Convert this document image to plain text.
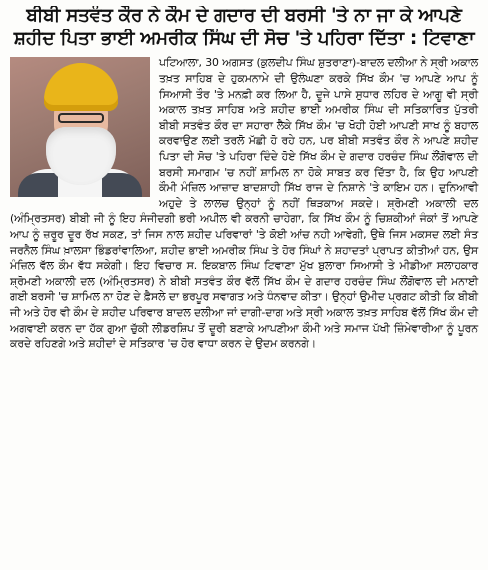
ਬੀਬੀ ਸਤਵੰਤ ਕੌਰ ਨੇ ਕੌਮ ਦੇ ਗਦਾਰ ਦੀ ਬਰਸੀ 'ਤੇ ਨਾ ਜਾ ਕੇ ਆਪਣੇ
ਸ਼ਹੀਦ ਪਿਤਾ ਭਾਈ ਅਮਰੀਕ ਸਿੰਘ ਦੀ ਸੋਚ 'ਤੇ ਪਹਿਰਾ ਦਿੱਤਾ : ਟਿਵਾਣਾ

ਪਟਿਆਲਾ, 30 ਅਗਸਤ (ਕੁਲਦੀਪ ਸਿੰਘ ਸ਼ੁਤਰਾਣਾ)-ਬਾਦਲ ਦਲੀਆ ਨੇ ਸ੍ਰੀ ਅਕਾਲ ਤਖ਼ਤ ਸਾਹਿਬ ਦੇ ਹੁਕਮਨਾਮੇ ਦੀ ਉਲੰਘਣਾ ਕਰਕੇ ਸਿੱਖ ਕੌਮ 'ਚ ਆਪਣੇ ਆਪ ਨੂੰ ਸਿਆਸੀ ਤੌਰ 'ਤੇ ਮਨਫ਼ੀ ਕਰ ਲਿਆ ਹੈ, ਦੂਜੇ ਪਾਸੇ ਸੁਧਾਰ ਲਹਿਰ ਦੇ ਆਗੂ ਵੀ ਸ੍ਰੀ ਅਕਾਲ ਤਖ਼ਤ ਸਾਹਿਬ ਅਤੇ ਸ਼ਹੀਦ ਭਾਈ ਅਮਰੀਕ ਸਿੰਘ ਦੀ ਸਤਿਕਾਰਿਤ ਪੁੱਤਰੀ ਬੀਬੀ ਸਤਵੰਤ ਕੌਰ ਦਾ ਸਹਾਰਾ ਲੈਕੇ ਸਿੱਖ ਕੌਮ 'ਚ ਖੋਹੀ ਹੋਈ ਆਪਣੀ ਸਾਖ ਨੂੰ ਬਹਾਲ ਕਰਵਾਉਣ ਲਈ ਤਰਲੋ ਮੱਛੀ ਹੋ ਰਹੇ ਹਨ, ਪਰ ਬੀਬੀ ਸਤਵੰਤ ਕੌਰ ਨੇ ਆਪਣੇ ਸ਼ਹੀਦ ਪਿਤਾ ਦੀ ਸੋਚ 'ਤੇ ਪਹਿਰਾ ਦਿੰਦੇ ਹੋਏ ਸਿੱਖ ਕੌਮ ਦੇ ਗਦਾਰ ਹਰਚੰਦ ਸਿੰਘ ਲੌਂਗੋਵਾਲ ਦੀ ਬਰਸੀ ਸਮਾਗਮ 'ਚ ਨਹੀਂ ਸ਼ਾਮਿਲ ਨਾ ਹੋਕੇ ਸਾਬਤ ਕਰ ਦਿੱਤਾ ਹੈ, ਕਿ ਉਹ ਆਪਣੀ ਕੌਮੀ ਮੰਜ਼ਿਲ ਆਜ਼ਾਦ ਬਾਦਸ਼ਾਹੀ ਸਿੱਖ ਰਾਜ ਦੇ ਨਿਸ਼ਾਨੇ 'ਤੇ ਕਾਇਮ ਹਨ। ਦੁਨਿਆਵੀ ਅਹੁਦੇ ਤੇ ਲਾਲਚ ਉਨ੍ਹਾਂ ਨੂੰ ਨਹੀਂ ਥਿੜਕਾਅ ਸਕਦੇ। ਸ਼੍ਰੋਮਣੀ ਅਕਾਲੀ ਦਲ (ਅੰਮ੍ਰਿਤਸਰ) ਬੀਬੀ ਜੀ ਨੂੰ ਇਹ ਸੰਜੀਦਗੀ ਭਰੀ ਅਪੀਲ ਵੀ ਕਰਨੀ ਚਾਹੇਗਾ, ਕਿ ਸਿੱਖ ਕੌਮ ਨੂੰ ਚਿਸ਼ਕੀਆਂ ਜੰਕਾਂ ਤੋਂ ਆਪਣੇ ਆਪ ਨੂੰ ਜ਼ਰੂਰ ਦੂਰ ਰੱਖ ਸਕਣ, ਤਾਂ ਜਿਸ ਨਾਲ ਸ਼ਹੀਦ ਪਰਿਵਾਰਾਂ 'ਤੇ ਕੋਈ ਆਂਚ ਨਹੀ ਆਵੇਗੀ, ਉਥੇ ਜਿਸ ਮਕਸਦ ਲਈ ਸੰਤ ਜਰਨੈਲ ਸਿੰਘ ਖ਼ਾਲਸਾ ਭਿੰਡਰਾਂਵਾਲਿਆ, ਸ਼ਹੀਦ ਭਾਈ ਅਮਰੀਕ ਸਿੰਘ ਤੇ ਹੋਰ ਸਿੰਘਾਂ ਨੇ ਸ਼ਹਾਦਤਾਂ ਪ੍ਰਾਪਤ ਕੀਤੀਆਂ ਹਨ, ਉਸ ਮੰਜ਼ਿਲ ਵੱਲ ਕੌਮ ਵੱਧ ਸਕੇਗੀ। ਇਹ ਵਿਚਾਰ ਸ. ਇਕਬਾਲ ਸਿੰਘ ਟਿਵਾਣਾ ਮੁੱਖ ਬੁਲਾਰਾ ਸਿਆਸੀ ਤੇ ਮੀਡੀਆ ਸਲਾਹਕਾਰ ਸ਼੍ਰੋਮਣੀ ਅਕਾਲੀ ਦਲ (ਅੰਮ੍ਰਿਤਸਰ) ਨੇ ਬੀਬੀ ਸਤਵੰਤ ਕੌਰ ਵੱਲੋਂ ਸਿੱਖ ਕੌਮ ਦੇ ਗਦਾਰ ਹਰਚੰਦ ਸਿੰਘ ਲੌਂਗੋਵਾਲ ਦੀ ਮਨਾਈ ਗਈ ਬਰਸੀ 'ਚ ਸ਼ਾਮਿਲ ਨਾ ਹੋਣ ਦੇ ਫ਼ੈਸਲੇ ਦਾ ਭਰਪੂਰ ਸਵਾਗਤ ਅਤੇ ਧੰਨਵਾਦ ਕੀਤਾ। ਉਨ੍ਹਾਂ ਉਮੀਦ ਪ੍ਰਗਟ ਕੀਤੀ ਕਿ ਬੀਬੀ ਜੀ ਅਤੇ ਹੋਰ ਵੀ ਕੌਮ ਦੇ ਸ਼ਹੀਦ ਪਰਿਵਾਰ ਬਾਦਲ ਦਲੀਆ ਜਾਂ ਦਾਗੀ-ਦਾਗ ਅਤੇ ਸ੍ਰੀ ਅਕਾਲ ਤਖ਼ਤ ਸਾਹਿਬ ਵੱਲੋਂ ਸਿੱਖ ਕੌਮ ਦੀ ਅਗਵਾਈ ਕਰਨ ਦਾ ਹੱਕ ਗੁਆ ਚੁੱਕੀ ਲੀਡਰਸ਼ਿਪ ਤੋਂ ਦੂਰੀ ਬਣਾਕੇ ਆਪਣੀਆ ਕੌਮੀ ਅਤੇ ਸਮਾਜ ਪੱਖੀ ਜ਼ਿੰਮੇਵਾਰੀਆ ਨੂੰ ਪੂਰਨ ਕਰਦੇ ਰਹਿਣਗੇ ਅਤੇ ਸ਼ਹੀਦਾਂ ਦੇ ਸਤਿਕਾਰ 'ਚ ਹੋਰ ਵਾਧਾ ਕਰਨ ਦੇ ਉਦਮ ਕਰਨਗੇ।
